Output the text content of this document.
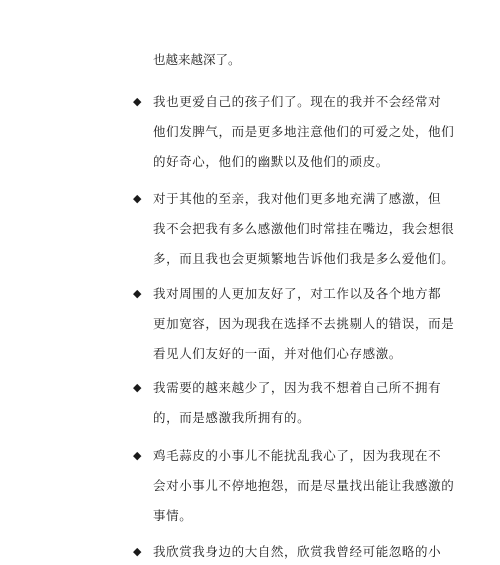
也越来越深了。
◆ 我也更爱自己的孩子们了。现在的我并不会经常对
他们发脾气，而是更多地注意他们的可爱之处，他们
的好奇心，他们的幽默以及他们的顽皮。
◆ 对于其他的至亲，我对他们更多地充满了感激，但
我不会把我有多么感激他们时常挂在嘴边，我会想很
多，而且我也会更频繁地告诉他们我是多么爱他们。
◆ 我对周围的人更加友好了，对工作以及各个地方都
更加宽容，因为现我在选择不去挑剔人的错误，而是
看见人们友好的一面，并对他们心存感激。
◆ 我需要的越来越少了，因为我不想着自己所不拥有
的，而是感激我所拥有的。
◆ 鸡毛蒜皮的小事儿不能扰乱我心了，因为我现在不
会对小事儿不停地抱怨，而是尽量找出能让我感激的
事情。
◆ 我欣赏我身边的大自然，欣赏我曾经可能忽略的小
